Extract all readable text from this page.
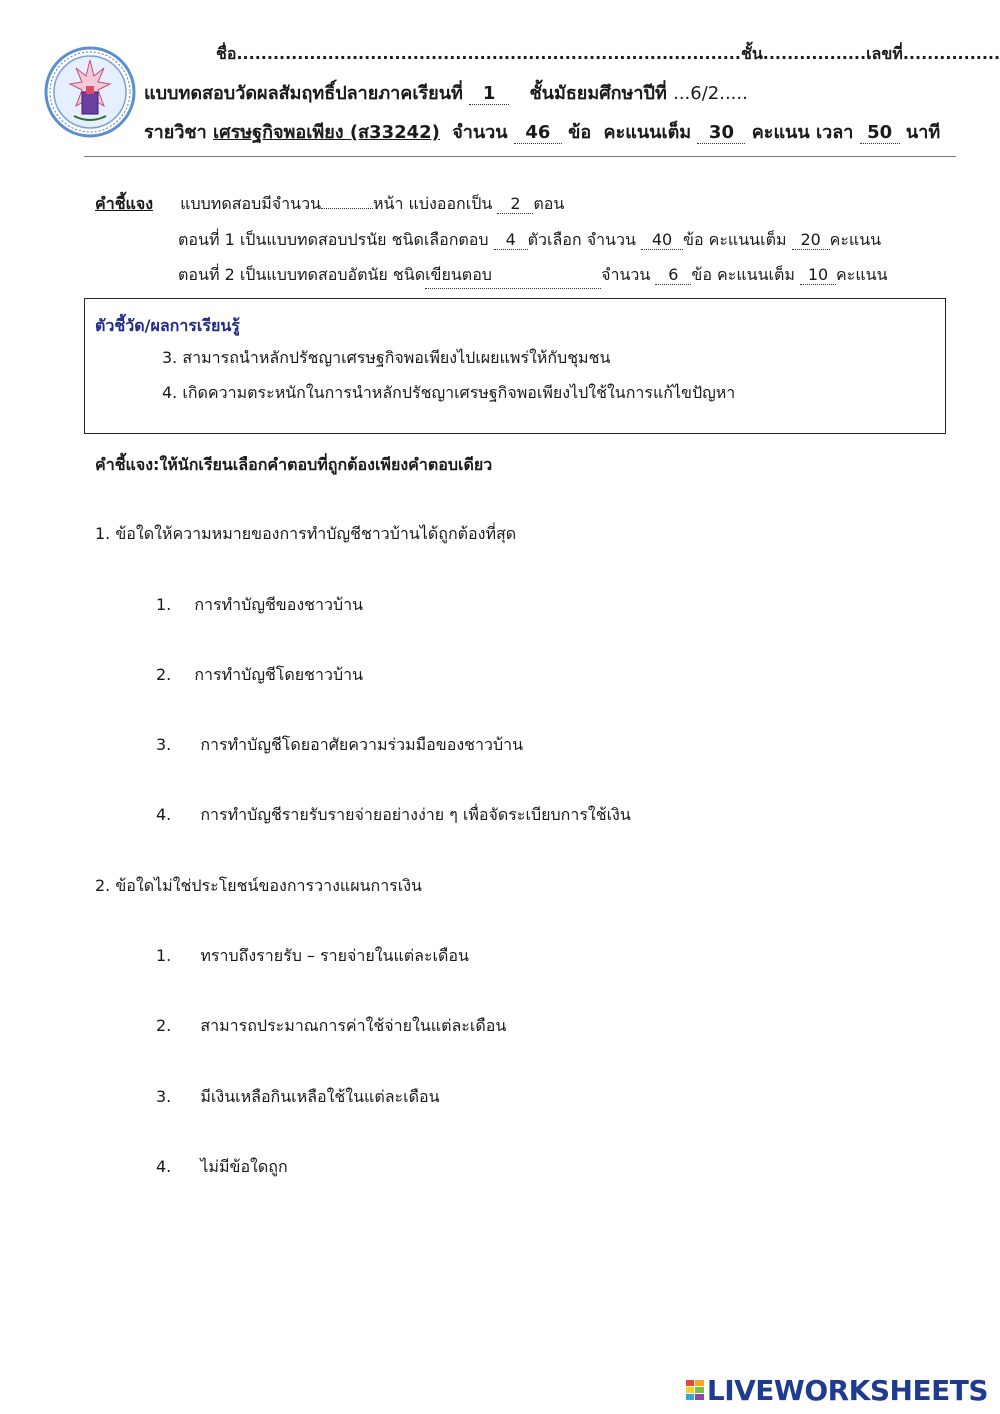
ชื่อ...................................................................................ชั้น.................เลขที่................
แบบทดสอบวัดผลสัมฤทธิ์ปลายภาคเรียนที่ 1 ชั้นมัธยมศึกษาปีที่ ...6/2.....
รายวิชา เศรษฐกิจพอเพียง (ส33242) จำนวน 46 ข้อ คะแนนเต็ม 30 คะแนน เวลา 50 นาที
คำชี้แจง แบบทดสอบมีจำนวน	หน้า แบ่งออกเป็น 2 ตอน
ตอนที่ 1 เป็นแบบทดสอบปรนัย ชนิดเลือกตอบ 4 ตัวเลือก จำนวน 40 ข้อ คะแนนเต็ม 20 คะแนน
ตอนที่ 2 เป็นแบบทดสอบอัตนัย ชนิดเขียนตอบ	จำนวน 6 ข้อ คะแนนเต็ม 10 คะแนน
ตัวชี้วัด/ผลการเรียนรู้
3. สามารถนำหลักปรัชญาเศรษฐกิจพอเพียงไปเผยแพร่ให้กับชุมชน
4. เกิดความตระหนักในการนำหลักปรัชญาเศรษฐกิจพอเพียงไปใช้ในการแก้ไขปัญหา
คำชี้แจง:ให้นักเรียนเลือกคำตอบที่ถูกต้องเพียงคำตอบเดียว
1. ข้อใดให้ความหมายของการทำบัญชีชาวบ้านได้ถูกต้องที่สุด
1. การทำบัญชีของชาวบ้าน
2. การทำบัญชีโดยชาวบ้าน
3. การทำบัญชีโดยอาศัยความร่วมมือของชาวบ้าน
4. การทำบัญชีรายรับรายจ่ายอย่างง่าย ๆ เพื่อจัดระเบียบการใช้เงิน
2. ข้อใดไม่ใช่ประโยชน์ของการวางแผนการเงิน
1. ทราบถึงรายรับ – รายจ่ายในแต่ละเดือน
2. สามารถประมาณการค่าใช้จ่ายในแต่ละเดือน
3. มีเงินเหลือกินเหลือใช้ในแต่ละเดือน
4. ไม่มีข้อใดถูก
LIVEWORKSHEETS
